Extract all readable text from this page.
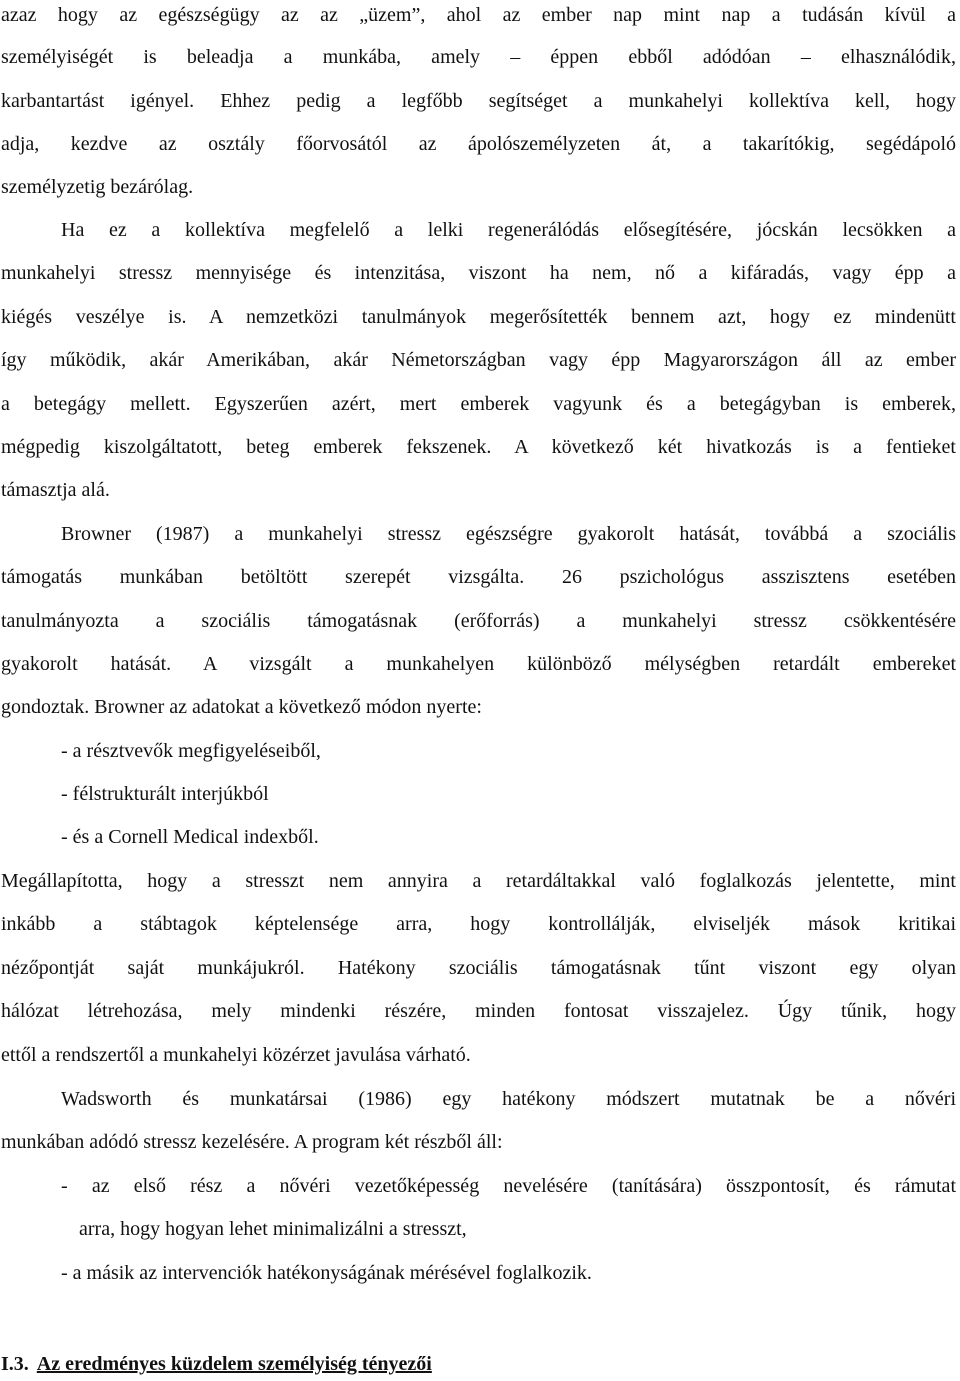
azaz hogy az egészségügy az az „üzem”, ahol az ember nap mint nap a tudásán kívül a
személyiségét is beleadja a munkába, amely – éppen ebből adódóan – elhasználódik,
karbantartást igényel. Ehhez pedig a legfőbb segítséget a munkahelyi kollektíva kell, hogy
adja, kezdve az osztály főorvosától az ápolószemélyzeten át, a takarítókig, segédápoló
személyzetig bezárólag.
Ha ez a kollektíva megfelelő a lelki regenerálódás elősegítésére, jócskán lecsökken a
munkahelyi stressz mennyisége és intenzitása, viszont ha nem, nő a kifáradás, vagy épp a
kiégés veszélye is. A nemzetközi tanulmányok megerősítették bennem azt, hogy ez mindenütt
így működik, akár Amerikában, akár Németországban vagy épp Magyarországon áll az ember
a betegágy mellett. Egyszerűen azért, mert emberek vagyunk és a betegágyban is emberek,
mégpedig kiszolgáltatott, beteg emberek fekszenek. A következő két hivatkozás is a fentieket
támasztja alá.
Browner (1987) a munkahelyi stressz egészségre gyakorolt hatását, továbbá a szociális
támogatás munkában betöltött szerepét vizsgálta. 26 pszichológus asszisztens esetében
tanulmányozta a szociális támogatásnak (erőforrás) a munkahelyi stressz csökkentésére
gyakorolt hatását. A vizsgált a munkahelyen különböző mélységben retardált embereket
gondoztak. Browner az adatokat a következő módon nyerte:
- a résztvevők megfigyeléseiből,
- félstrukturált interjúkból
- és a Cornell Medical indexből.
Megállapította, hogy a stresszt nem annyira a retardáltakkal való foglalkozás jelentette, mint
inkább a stábtagok képtelensége arra, hogy kontrollálják, elviseljék mások kritikai
nézőpontját saját munkájukról. Hatékony szociális támogatásnak tűnt viszont egy olyan
hálózat létrehozása, mely mindenki részére, minden fontosat visszajelez. Úgy tűnik, hogy
ettől a rendszertől a munkahelyi közérzet javulása várható.
Wadsworth és munkatársai (1986) egy hatékony módszert mutatnak be a nővéri
munkában adódó stressz kezelésére. A program két részből áll:
- az első rész a nővéri vezetőképesség nevelésére (tanítására) összpontosít, és rámutat
arra, hogy hogyan lehet minimalizálni a stresszt,
- a másik az intervenciók hatékonyságának mérésével foglalkozik.
I.3. Az eredményes küzdelem személyiség tényezői
